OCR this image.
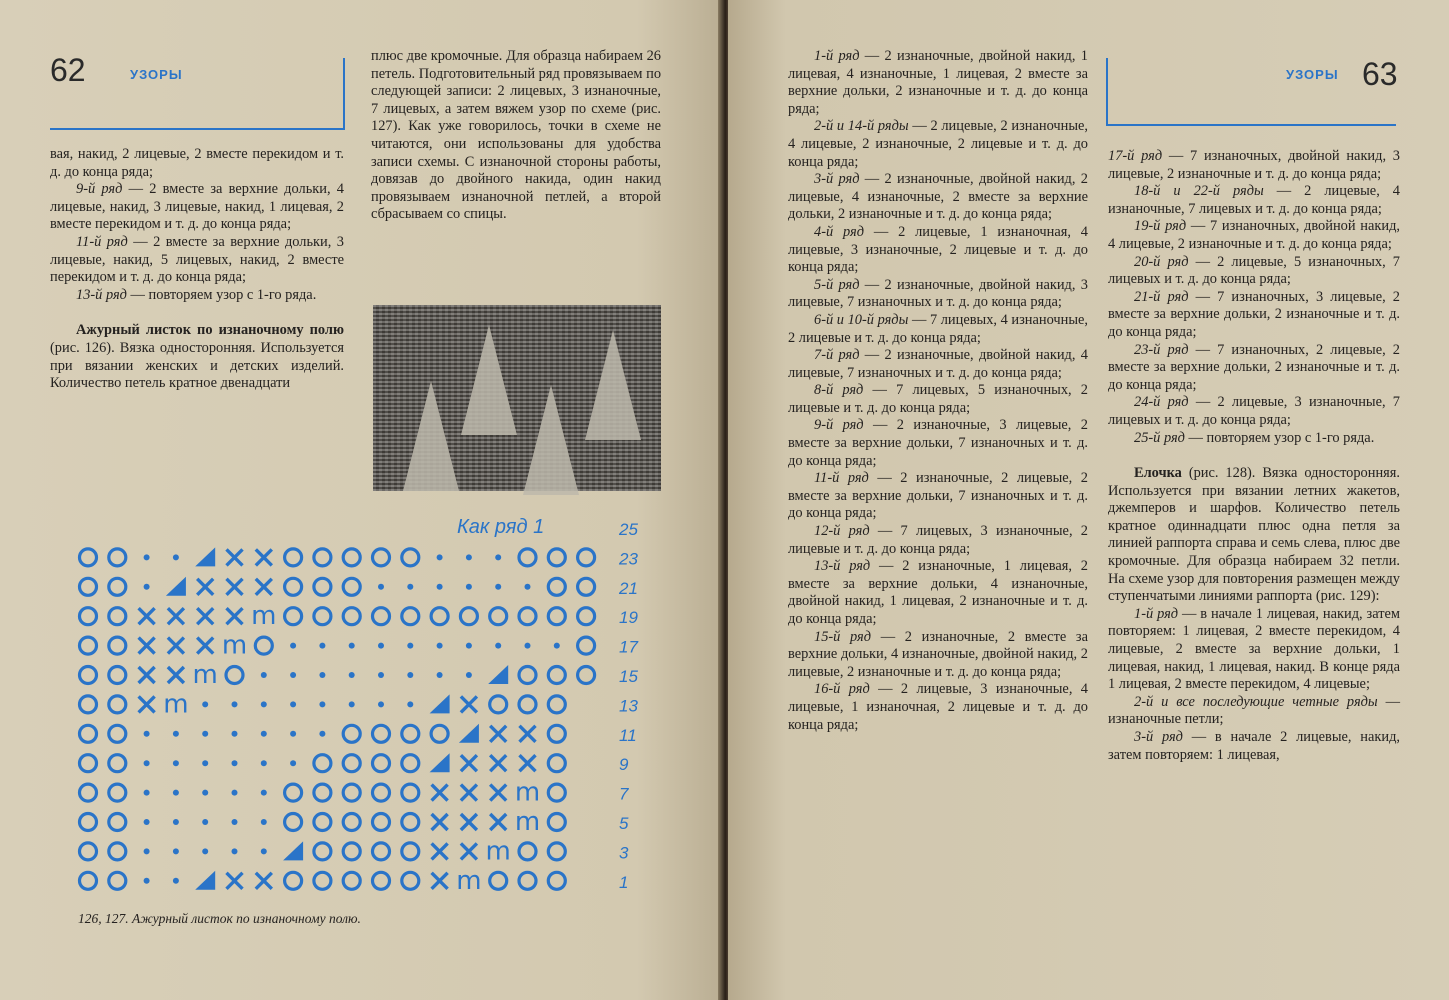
62	УЗОРЫ

вая, накид, 2 лицевые, 2 вместе перекидом и т. д. до конца ряда;

9-й ряд — 2 вместе за верхние дольки, 4 лицевые, накид, 3 лицевые, накид, 1 лицевая, 2 вместе перекидом и т. д. до конца ряда;

11-й ряд — 2 вместе за верхние дольки, 3 лицевые, накид, 5 лицевых, накид, 2 вместе перекидом и т. д. до конца ряда;

13-й ряд — повторяем узор с 1-го ряда.

Ажурный листок по изнаночному полю (рис. 126). Вязка односторонняя. Используется при вязании женских и детских изделий. Количество петель кратное двенадцати

плюс две кромочные. Для образца набираем 26 петель. Подготовительный ряд провязываем по следующей записи: 2 лицевых, 3 изнаночные, 7 лицевых, а затем вяжем узор по схеме (рис. 127). Как уже говорилось, точки в схеме не читаются, они использованы для удобства записи схемы. С изнаночной стороны работы, довязав до двойного накида, один накид провязываем изнаночной петлей, а второй сбрасываем со спицы.

Как ряд 1	25
23
21
19
m
17
m
15
m
13
m
11
9
7
m
5
m
3
m
1
m
126, 127. Ажурный листок по изнаночному полю.
63
УЗОРЫ

1-й ряд — 2 изнаночные, двойной накид, 1 лицевая, 4 изнаночные, 1 лицевая, 2 вместе за верхние дольки, 2 изнаночные и т. д. до конца ряда;

2-й и 14-й ряды — 2 лицевые, 2 изнаночные, 4 лицевые, 2 изнаночные, 2 лицевые и т. д. до конца ряда;

3-й ряд — 2 изнаночные, двойной накид, 2 лицевые, 4 изнаночные, 2 вместе за верхние дольки, 2 изнаночные и т. д. до конца ряда;

4-й ряд — 2 лицевые, 1 изнаночная, 4 лицевые, 3 изнаночные, 2 лицевые и т. д. до конца ряда;

5-й ряд — 2 изнаночные, двойной накид, 3 лицевые, 7 изнаночных и т. д. до конца ряда;

6-й и 10-й ряды — 7 лицевых, 4 изнаночные, 2 лицевые и т. д. до конца ряда;

7-й ряд — 2 изнаночные, двойной накид, 4 лицевые, 7 изнаночных и т. д. до конца ряда;

8-й ряд — 7 лицевых, 5 изнаночных, 2 лицевые и т. д. до конца ряда;

9-й ряд — 2 изнаночные, 3 лицевые, 2 вместе за верхние дольки, 7 изнаночных и т. д. до конца ряда;

11-й ряд — 2 изнаночные, 2 лицевые, 2 вместе за верхние дольки, 7 изнаночных и т. д. до конца ряда;

12-й ряд — 7 лицевых, 3 изнаночные, 2 лицевые и т. д. до конца ряда;

13-й ряд — 2 изнаночные, 1 лицевая, 2 вместе за верхние дольки, 4 изнаночные, двойной накид, 1 лицевая, 2 изнаночные и т. д. до конца ряда;

15-й ряд — 2 изнаночные, 2 вместе за верхние дольки, 4 изнаночные, двойной накид, 2 лицевые, 2 изнаночные и т. д. до конца ряда;

16-й ряд — 2 лицевые, 3 изнаночные, 4 лицевые, 1 изнаночная, 2 лицевые и т. д. до конца ряда;

17-й ряд — 7 изнаночных, двойной накид, 3 лицевые, 2 изнаночные и т. д. до конца ряда;

18-й и 22-й ряды — 2 лицевые, 4 изнаночные, 7 лицевых и т. д. до конца ряда;

19-й ряд — 7 изнаночных, двойной накид, 4 лицевые, 2 изнаночные и т. д. до конца ряда;

20-й ряд — 2 лицевые, 5 изнаночных, 7 лицевых и т. д. до конца ряда;

21-й ряд — 7 изнаночных, 3 лицевые, 2 вместе за верхние дольки, 2 изнаночные и т. д. до конца ряда;

23-й ряд — 7 изнаночных, 2 лицевые, 2 вместе за верхние дольки, 2 изнаночные и т. д. до конца ряда;

24-й ряд — 2 лицевые, 3 изнаночные, 7 лицевых и т. д. до конца ряда;

25-й ряд — повторяем узор с 1-го ряда.

Елочка (рис. 128). Вязка односторонняя. Используется при вязании летних жакетов, джемперов и шарфов. Количество петель кратное одиннадцати плюс одна петля за линией раппорта справа и семь слева, плюс две кромочные. Для образца набираем 32 петли. На схеме узор для повторения размещен между ступенчатыми линиями раппорта (рис. 129):

1-й ряд — в начале 1 лицевая, накид, затем повторяем: 1 лицевая, 2 вместе перекидом, 4 лицевые, 2 вместе за верхние дольки, 1 лицевая, накид, 1 лицевая, накид. В конце ряда 1 лицевая, 2 вместе перекидом, 4 лицевые;

2-й и все последующие четные ряды — изнаночные петли;

3-й ряд — в начале 2 лицевые, накид, затем повторяем: 1 лицевая,
